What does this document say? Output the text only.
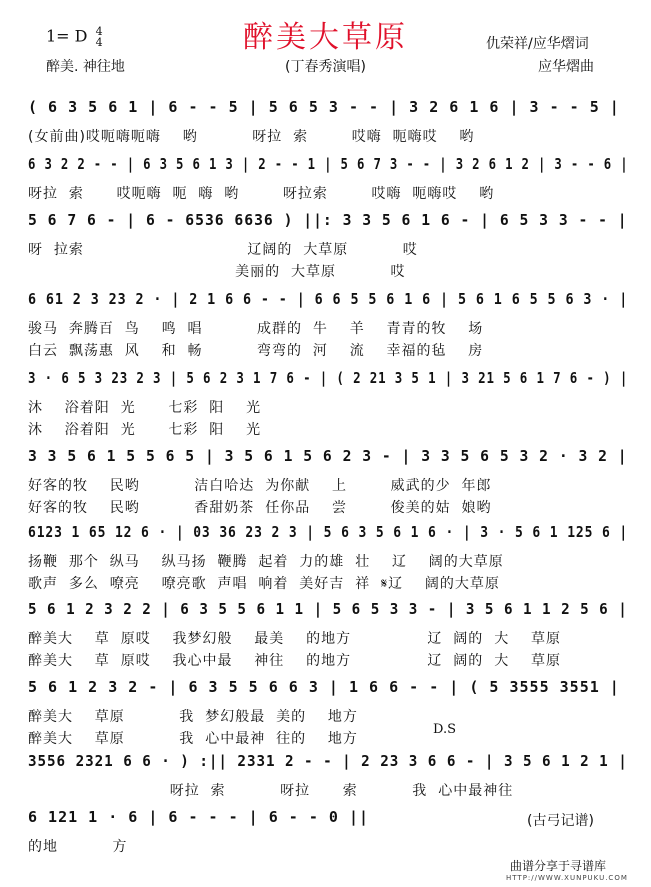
醉美大草原
1= D 4
4
醉美. 神往地	(丁春秀演唱)
仇荣祥/应华熠词
应华熠曲
( 6 3 5 6 1 | 6 - - 5 | 5 6 5 3 - - | 3 2 6 1 6 | 3 - - 5 |
(女前曲)哎呃嗨呃嗨    哟          呀拉  索        哎嗨  呃嗨哎    哟
6 3 2 2 - - | 6 3 5 6 1 3 | 2 - - 1 | 5 6 7 3 - - | 3 2 6 1 2 | 3 - - 6 |
呀拉  索      哎呃嗨  呃  嗨  哟        呀拉索        哎嗨  呃嗨哎    哟
5 6 7 6 - | 6 - 6536 6636 ) ||: 3 3 5 6 1 6 - | 6 5 3 3 - - |
呀  拉索                              辽阔的  大草原          哎
美丽的  大草原          哎
6 61 2 3 23 2 · | 2 1 6 6 - - | 6 6 5 5 6 1 6 | 5 6 1 6 5 5 6 3 · |
骏马  奔腾百  鸟    鸣  唱          成群的  牛    羊    青青的牧    场
白云  飘荡惠  风    和  畅          弯弯的  河    流    幸福的毡    房
3 · 6 5 3 23 2 3 | 5 6 2 3 1 7 6 - | ( 2 21 3 5 1 | 3 21 5 6 1 7 6 - ) |
沐    浴着阳  光      七彩  阳    光
沐    浴着阳  光      七彩  阳    光
3 3 5 6 1 5 5 6 5 | 3 5 6 1 5 6 2 3 - | 3 3 5 6 5 3 2 · 3 2 |
好客的牧    民哟          洁白哈达  为你献    上        威武的少  年郎
好客的牧    民哟          香甜奶茶  任你品    尝        俊美的姑  娘哟
6123 1 65 12 6 · | 03 36 23 2 3 | 5 6 3 5 6 1 6 · | 3 · 5 6 1 125 6 |
扬鞭  那个  纵马    纵马扬  鞭腾  起着  力的雄  壮    辽    阔的大草原
歌声  多么  嘹亮    嘹亮歌  声唱  响着  美好吉  祥  𝄋辽    阔的大草原
5 6 1 2 3 2 2 | 6 3 5 5 6 1 1 | 5 6 5 3 3 - | 3 5 6 1 1 2 5 6 |
醉美大    草  原哎    我梦幻般    最美    的地方              辽  阔的  大    草原
醉美大    草  原哎    我心中最    神往    的地方              辽  阔的  大    草原
5 6 1 2 3 2 - | 6 3 5 5 6 6 3 | 1 6 6 - - | ( 5 3555 3551 |
醉美大    草原          我  梦幻般最  美的    地方
醉美大    草原          我  心中最神  往的    地方
3556 2321 6 6 · ) :|| 2331 2 - - | 2 23 3 6 6 - | 3 5 6 1 2 1 |
呀拉  索          呀拉      索          我  心中最神往
6 121 1 · 6 | 6 - - - | 6 - - 0 ||
的地          方
D.S
(古弓记谱)
曲谱分享于寻谱库
HTTP://WWW.XUNPUKU.COM
